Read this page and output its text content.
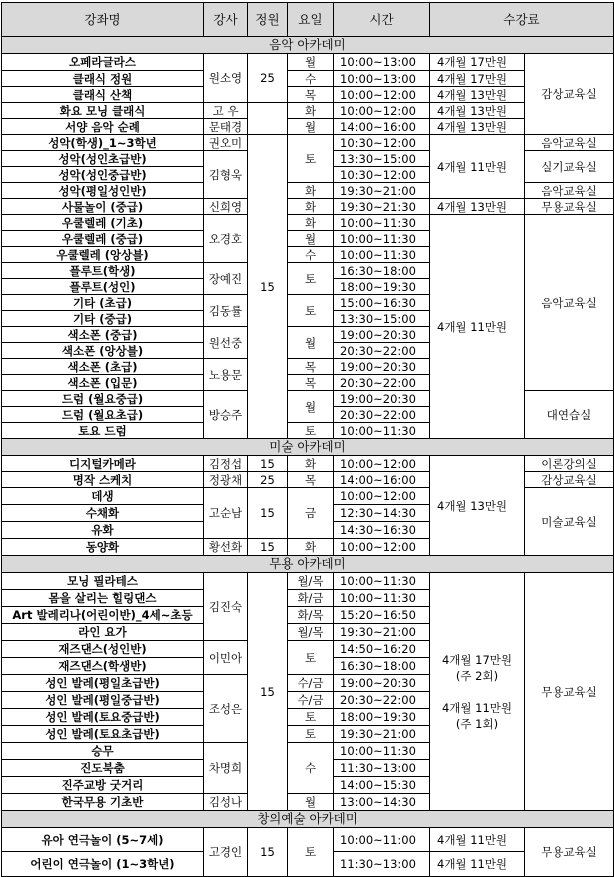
강좌명	강사	정원	요일	시간	수강료	
음악 아카데미						
오페라글라스	원소영	25	월	10:00~13:00	4개월 17만원	감상교육실
클래식 정원			수	10:00~13:00	4개월 17만원	
클래식 산책			목	10:00~12:00	4개월 13만원	
화요 모닝 클래식	고 우		화	10:00~12:00	4개월 13만원	
서양 음악 순례	문태경		월	14:00~16:00	4개월 13만원	
성악(학생)_1~3학년	권오미	15	토	10:30~12:00	4개월 11만원	음악교육실
성악(성인초급반)	김형욱			13:30~15:00		실기교육실
성악(성인중급반)				10:30~12:00		
성악(평일성인반)			화	19:30~21:00		음악교육실
사물놀이 (중급)	신희영		화	19:30~21:30	4개월 13만원	무용교육실
우쿨렐레 (기초)	오경호		화	10:00~11:30	4개월 11만원	음악교육실
우쿨렐레 (중급)			월	10:00~11:30		
우쿨렐레 (앙상블)			수	10:00~11:30		
플루트(학생)	장예진		토	16:30~18:00		
플루트(성인)				18:00~19:30		
기타 (초급)	김동률		토	15:00~16:30		
기타 (중급)				13:30~15:00		
색소폰 (중급)	원선중		월	19:00~20:30		
색소폰 (앙상블)				20:30~22:00		
색소폰 (초급)	노용문		목	19:00~20:30		
색소폰 (입문)			목	20:30~22:00		
드럼 (월요중급)	방승주		월	19:00~20:30		대연습실
드럼 (월요초급)				20:30~22:00		
토요 드럼			토	10:00~11:30		
미술 아카데미						
디지털카메라	김정섭	15	화	10:00~12:00	4개월 13만원	이론강의실
명작 스케치	정광채	25	목	14:00~16:00		감상교육실
데생	고순남	15	금	10:00~12:00		미술교육실
수채화				12:30~14:30		
유화				14:30~16:30		
동양화	황선화	15	화	10:00~12:00		
무용 아카데미						
모닝 필라테스	김진숙	15	월/목	10:00~11:30	4개월 17만원
(주 2회)

4개월 11만원
(주 1회)	무용교육실
몸을 살리는 힐링댄스			화/금	10:00~11:30		
Art 발레리나(어린이반)_4세~초등			화/목	15:20~16:50		
라인 요가			월/목	19:30~21:00		
재즈댄스(성인반)	이민아		토	14:50~16:20		
재즈댄스(학생반)				16:30~18:00		
성인 발레(평일초급반)	조성은		수/금	19:00~20:30		
성인 발레(평일중급반)			수/금	20:30~22:00		
성인 발레(토요중급반)			토	18:00~19:30		
성인 발레(토요초급반)			토	19:30~21:00		
승무	차명희		수	10:00~11:30		
진도북춤				11:30~13:00		
진주교방 굿거리				14:00~15:30		
한국무용 기초반	김성나		월	13:00~14:30		
창의예술 아카데미						
유아 연극놀이 (5~7세)	고경인	15	토	10:00~11:00	4개월 11만원	무용교육실
어린이 연극놀이 (1~3학년)				11:30~13:00	4개월 11만원	
